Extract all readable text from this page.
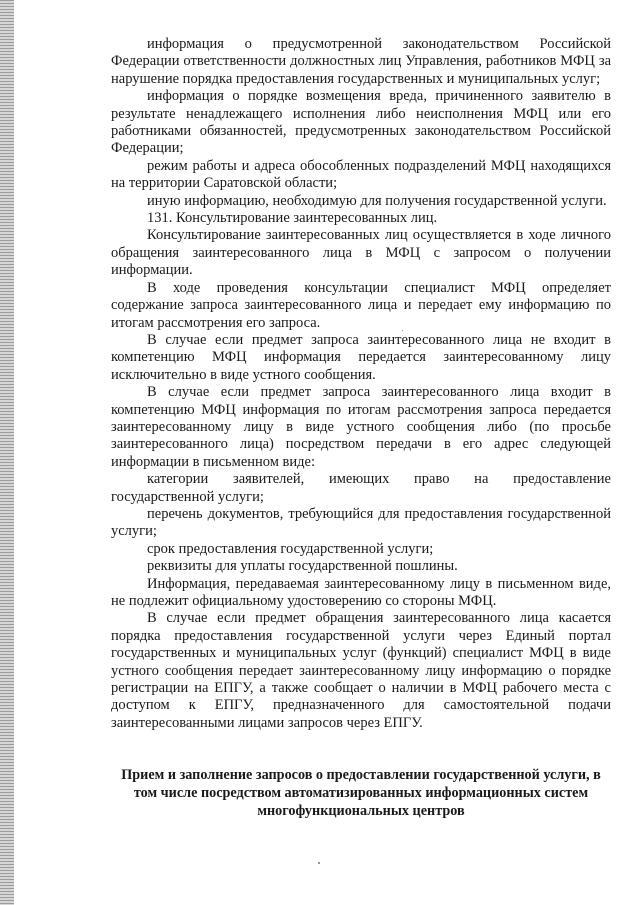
информация о предусмотренной законодательством Российской Федерации ответственности должностных лиц Управления, работников МФЦ за нарушение порядка предоставления государственных и муниципальных услуг;

информация о порядке возмещения вреда, причиненного заявителю в результате ненадлежащего исполнения либо неисполнения МФЦ или его работниками обязанностей, предусмотренных законодательством Российской Федерации;

режим работы и адреса обособленных подразделений МФЦ находящихся на территории Саратовской области;

иную информацию, необходимую для получения государственной услуги.

131. Консультирование заинтересованных лиц.

Консультирование заинтересованных лиц осуществляется в ходе личного обращения заинтересованного лица в МФЦ с запросом о получении информации.

В ходе проведения консультации специалист МФЦ определяет содержание запроса заинтересованного лица и передает ему информацию по итогам рассмотрения его запроса.

В случае если предмет запроса заинтересованного лица не входит в компетенцию МФЦ информация передается заинтересованному лицу исключительно в виде устного сообщения.

В случае если предмет запроса заинтересованного лица входит в компетенцию МФЦ информация по итогам рассмотрения запроса передается заинтересованному лицу в виде устного сообщения либо (по просьбе заинтересованного лица) посредством передачи в его адрес следующей информации в письменном виде:

категории заявителей, имеющих право на предоставление государственной услуги;

перечень документов, требующийся для предоставления государственной услуги;

срок предоставления государственной услуги;

реквизиты для уплаты государственной пошлины.

Информация, передаваемая заинтересованному лицу в письменном виде, не подлежит официальному удостоверению со стороны МФЦ.

В случае если предмет обращения заинтересованного лица касается порядка предоставления государственной услуги через Единый портал государственных и муниципальных услуг (функций) специалист МФЦ в виде устного сообщения передает заинтересованному лицу информацию о порядке регистрации на ЕПГУ, а также сообщает о наличии в МФЦ рабочего места с доступом к ЕПГУ, предназначенного для самостоятельной подачи заинтересованными лицами запросов через ЕПГУ.

Прием и заполнение запросов о предоставлении государственной услуги, в том числе посредством автоматизированных информационных систем многофункциональных центров
